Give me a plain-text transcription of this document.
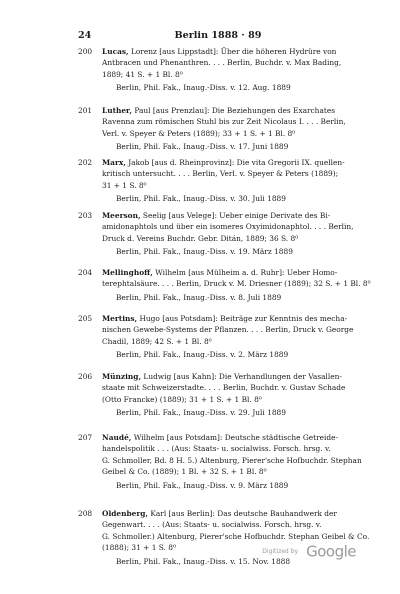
24	Berlin 1888 · 89
200	Lucas, Lorenz [aus Lippstadt]: Über die höheren Hydrüre von
Antbracen und Phenanthren. . . . Berlin, Buchdr. v. Max Bading,
1889; 41 S. + 1 Bl. 8⁰
Berlin, Phil. Fak., Inaug.-Diss. v. 12. Aug. 1889
201	Luther, Paul [aus Prenzlau]: Die Beziehungen des Exarchates
Ravenna zum römischen Stuhl bis zur Zeit Nicolaus I. . . . Berlin,
Verl. v. Speyer & Peters (1889); 33 + 1 S. + 1 Bl. 8⁰
Berlin, Phil. Fak., Inaug.-Diss. v. 17. Juni 1889
202	Marx, Jakob [aus d. Rheinprovinz]: Die vita Gregorii IX. quellen-
kritisch untersucht. . . . Berlin, Verl. v. Speyer & Peters (1889);
31 + 1 S. 8⁰
Berlin, Phil. Fak., Inaug.-Diss. v. 30. Juli 1889
203	Meerson, Seelig [aus Velege]: Ueber einige Derivate des Bi-
amidonaphtols und über ein isomeres Oxyimidonaphtol. . . . Berlin,
Druck d. Vereins Buchdr. Gebr. Ditán, 1889; 36 S. 8⁰
Berlin, Phil. Fak., Inaug.-Diss. v. 19. März 1889
204	Mellinghoff, Wilhelm [aus Mülheim a. d. Ruhr]: Ueber Homo-
terephtalsäure. . . . Berlin, Druck v. M. Driesner (1889); 32 S. + 1 Bl. 8⁰
Berlin, Phil. Fak., Inaug.-Diss. v. 8. Juli 1889
205	Mertins, Hugo [aus Potsdam]: Beiträge zur Kenntnis des mecha-
nischen Gewebe-Systems der Pflanzen. . . . Berlin, Druck v. George
Chadil, 1889; 42 S. + 1 Bl. 8⁰
Berlin, Phil. Fak., Inaug.-Diss. v. 2. März 1889
206	Münzing, Ludwig [aus Kahn]: Die Verhandlungen der Vasallen-
staate mit Schweizerstadte. . . . Berlin, Buchdr. v. Gustav Schade
(Otto Francke) (1889); 31 + 1 S. + 1 Bl. 8⁰
Berlin, Phil. Fak., Inaug.-Diss. v. 29. Juli 1889
207	Naudé, Wilhelm [aus Potsdam]: Deutsche städtische Getreide-
handelspolitik . . . (Aus: Staats- u. socialwiss. Forsch. hrsg. v.
G. Schmoller, Bd. 8 H. 5.) Altenburg, Pierer'sche Hofbuchdr. Stephan
Geibel & Co. (1889); 1 Bl. + 32 S. + 1 Bl. 8⁰
Berlin, Phil. Fak., Inaug.-Diss. v. 9. März 1889
208	Oldenberg, Karl [aus Berlin]: Das deutsche Bauhandwerk der
Gegenwart. . . . (Aus: Staats- u. socialwiss. Forsch. hrsg. v.
G. Schmoller.) Altenburg, Pierer'sche Hofbuchdr. Stephan Geibel & Co.
(1888); 31 + 1 S. 8⁰
Berlin, Phil. Fak., Inaug.-Diss. v. 15. Nov. 1888
Digitized by Google
